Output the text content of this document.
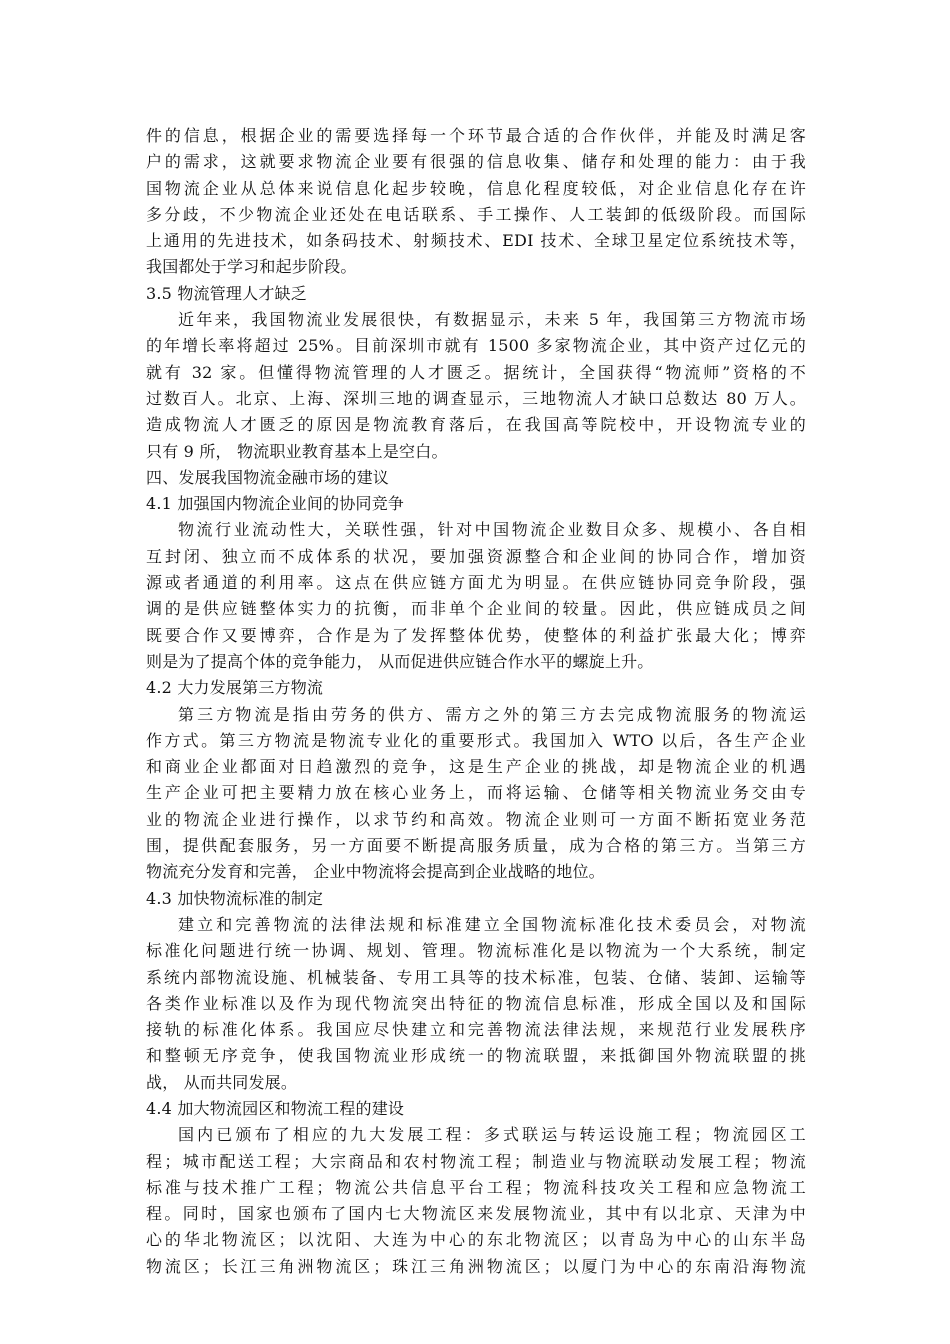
件的信息，根据企业的需要选择每一个环节最合适的合作伙伴，并能及时满足客
户的需求，这就要求物流企业要有很强的信息收集、储存和处理的能力：由于我
国物流企业从总体来说信息化起步较晚，信息化程度较低，对企业信息化存在许
多分歧，不少物流企业还处在电话联系、手工操作、人工装卸的低级阶段。而国际
上通用的先进技术，如条码技术、射频技术、EDI 技术、全球卫星定位系统技术等，
我国都处于学习和起步阶段。
3.5 物流管理人才缺乏
近年来，我国物流业发展很快，有数据显示，未来 5 年，我国第三方物流市场
的年增长率将超过 25%。目前深圳市就有 1500 多家物流企业，其中资产过亿元的
就有 32 家。但懂得物流管理的人才匮乏。据统计，全国获得“物流师”资格的不
过数百人。北京、上海、深圳三地的调查显示，三地物流人才缺口总数达 80 万人。
造成物流人才匮乏的原因是物流教育落后，在我国高等院校中，开设物流专业的
只有 9 所， 物流职业教育基本上是空白。
四、发展我国物流金融市场的建议
4.1 加强国内物流企业间的协同竞争
物流行业流动性大，关联性强，针对中国物流企业数目众多、规模小、各自相
互封闭、独立而不成体系的状况，要加强资源整合和企业间的协同合作，增加资
源或者通道的利用率。这点在供应链方面尤为明显。在供应链协同竞争阶段，强
调的是供应链整体实力的抗衡，而非单个企业间的较量。因此，供应链成员之间
既要合作又要博弈，合作是为了发挥整体优势，使整体的利益扩张最大化；博弈
则是为了提高个体的竞争能力， 从而促进供应链合作水平的螺旋上升。
4.2 大力发展第三方物流
第三方物流是指由劳务的供方、需方之外的第三方去完成物流服务的物流运
作方式。第三方物流是物流专业化的重要形式。我国加入 WTO 以后，各生产企业
和商业企业都面对日趋激烈的竞争，这是生产企业的挑战，却是物流企业的机遇
生产企业可把主要精力放在核心业务上，而将运输、仓储等相关物流业务交由专
业的物流企业进行操作，以求节约和高效。物流企业则可一方面不断拓宽业务范
围，提供配套服务，另一方面要不断提高服务质量，成为合格的第三方。当第三方
物流充分发育和完善， 企业中物流将会提高到企业战略的地位。
4.3 加快物流标准的制定
建立和完善物流的法律法规和标准建立全国物流标准化技术委员会，对物流
标准化问题进行统一协调、规划、管理。物流标准化是以物流为一个大系统，制定
系统内部物流设施、机械装备、专用工具等的技术标准，包装、仓储、装卸、运输等
各类作业标准以及作为现代物流突出特征的物流信息标准，形成全国以及和国际
接轨的标准化体系。我国应尽快建立和完善物流法律法规，来规范行业发展秩序
和整顿无序竞争，使我国物流业形成统一的物流联盟，来抵御国外物流联盟的挑
战， 从而共同发展。
4.4 加大物流园区和物流工程的建设
国内已颁布了相应的九大发展工程：多式联运与转运设施工程；物流园区工
程；城市配送工程；大宗商品和农村物流工程；制造业与物流联动发展工程；物流
标准与技术推广工程；物流公共信息平台工程；物流科技攻关工程和应急物流工
程。同时，国家也颁布了国内七大物流区来发展物流业，其中有以北京、天津为中
心的华北物流区；以沈阳、大连为中心的东北物流区；以青岛为中心的山东半岛
物流区；长江三角洲物流区；珠江三角洲物流区；以厦门为中心的东南沿海物流
